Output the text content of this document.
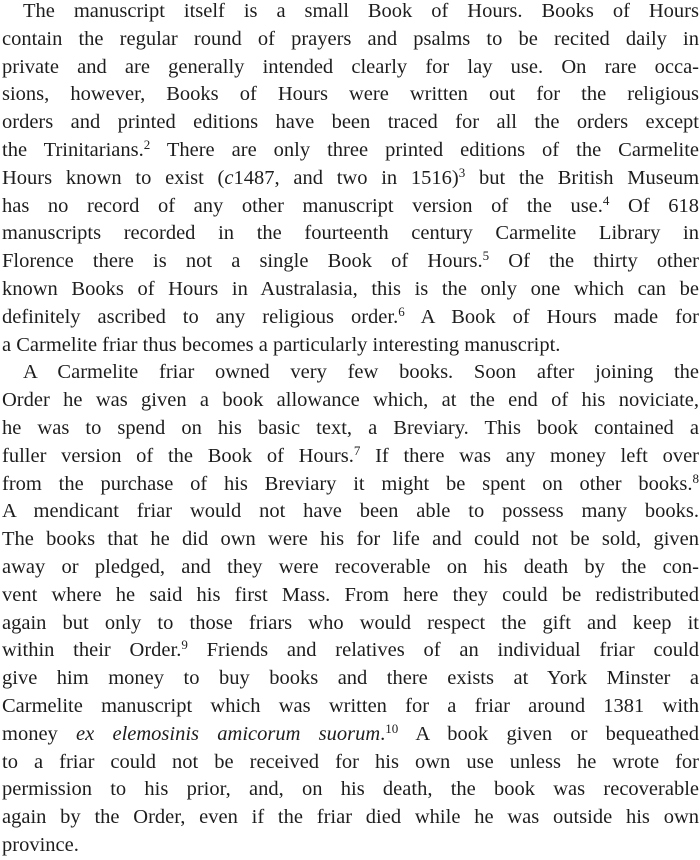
The manuscript itself is a small Book of Hours. Books of Hours
contain the regular round of prayers and psalms to be recited daily in
private and are generally intended clearly for lay use. On rare occa-
sions, however, Books of Hours were written out for the religious
orders and printed editions have been traced for all the orders except
the Trinitarians.$^2$ There are only three printed editions of the Carmelite
Hours known to exist (c1487, and two in 1516)$^3$ but the British Museum
has no record of any other manuscript version of the use.$^4$ Of 618
manuscripts recorded in the fourteenth century Carmelite Library in
Florence there is not a single Book of Hours.$^5$ Of the thirty other
known Books of Hours in Australasia, this is the only one which can be
definitely ascribed to any religious order.$^6$ A Book of Hours made for
a Carmelite friar thus becomes a particularly interesting manuscript.
A Carmelite friar owned very few books. Soon after joining the
Order he was given a book allowance which, at the end of his noviciate,
he was to spend on his basic text, a Breviary. This book contained a
fuller version of the Book of Hours.$^7$ If there was any money left over
from the purchase of his Breviary it might be spent on other books.$^8$
A mendicant friar would not have been able to possess many books.
The books that he did own were his for life and could not be sold, given
away or pledged, and they were recoverable on his death by the con-
vent where he said his first Mass. From here they could be redistributed
again but only to those friars who would respect the gift and keep it
within their Order.$^9$ Friends and relatives of an individual friar could
give him money to buy books and there exists at York Minster a
Carmelite manuscript which was written for a friar around 1381 with
money ex elemosinis amicorum suorum.$^{10}$ A book given or bequeathed
to a friar could not be received for his own use unless he wrote for
permission to his prior, and, on his death, the book was recoverable
again by the Order, even if the friar died while he was outside his own
province.
